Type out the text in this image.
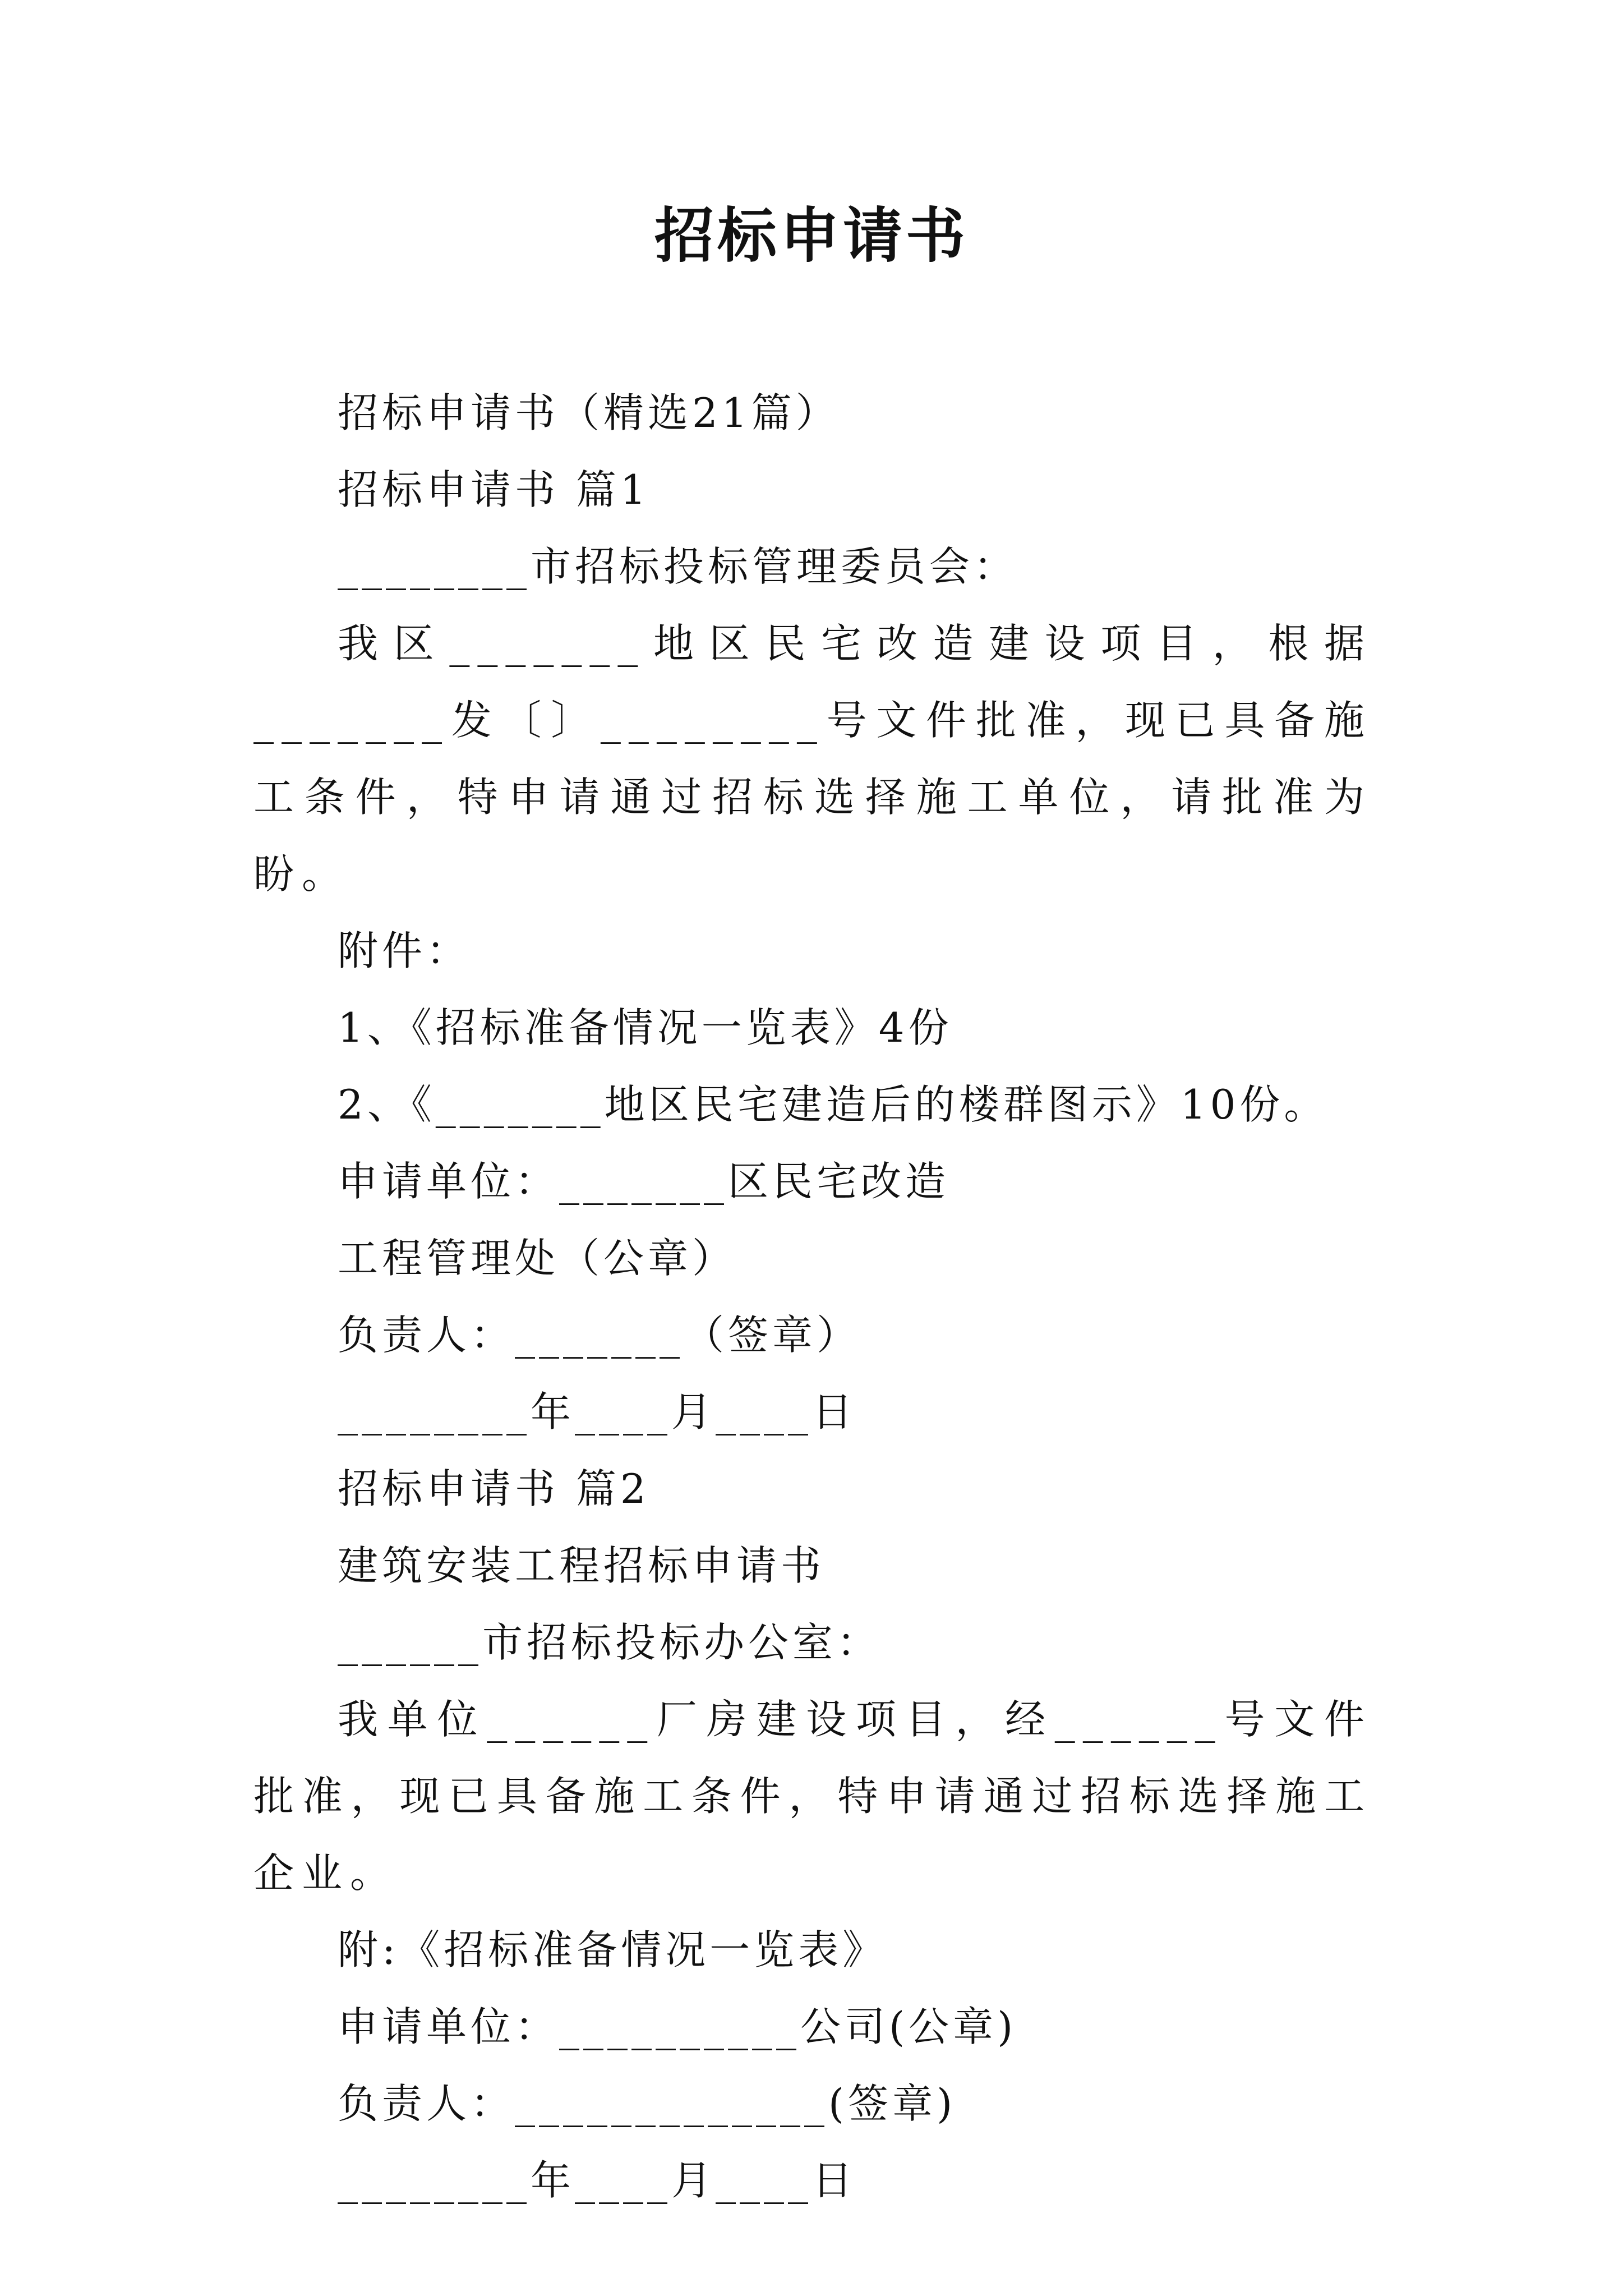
招标申请书

招标申请书（精选21篇）

招标申请书 篇1

________市招标投标管理委员会：

我区_______地区民宅改造建设项目，根据_______发〔〕________号文件批准，现已具备施工条件，特申请通过招标选择施工单位，请批准为盼。

附件：

1、《招标准备情况一览表》4份

2、《_______地区民宅建造后的楼群图示》10份。

申请单位：_______区民宅改造

工程管理处（公章）

负责人：_______（签章）

________年____月____日

招标申请书 篇2

建筑安装工程招标申请书

______市招标投标办公室：

我单位______厂房建设项目，经______号文件批准，现已具备施工条件，特申请通过招标选择施工企业。

附:《招标准备情况一览表》

申请单位：__________公司(公章)

负责人：_____________(签章)

________年____月____日
